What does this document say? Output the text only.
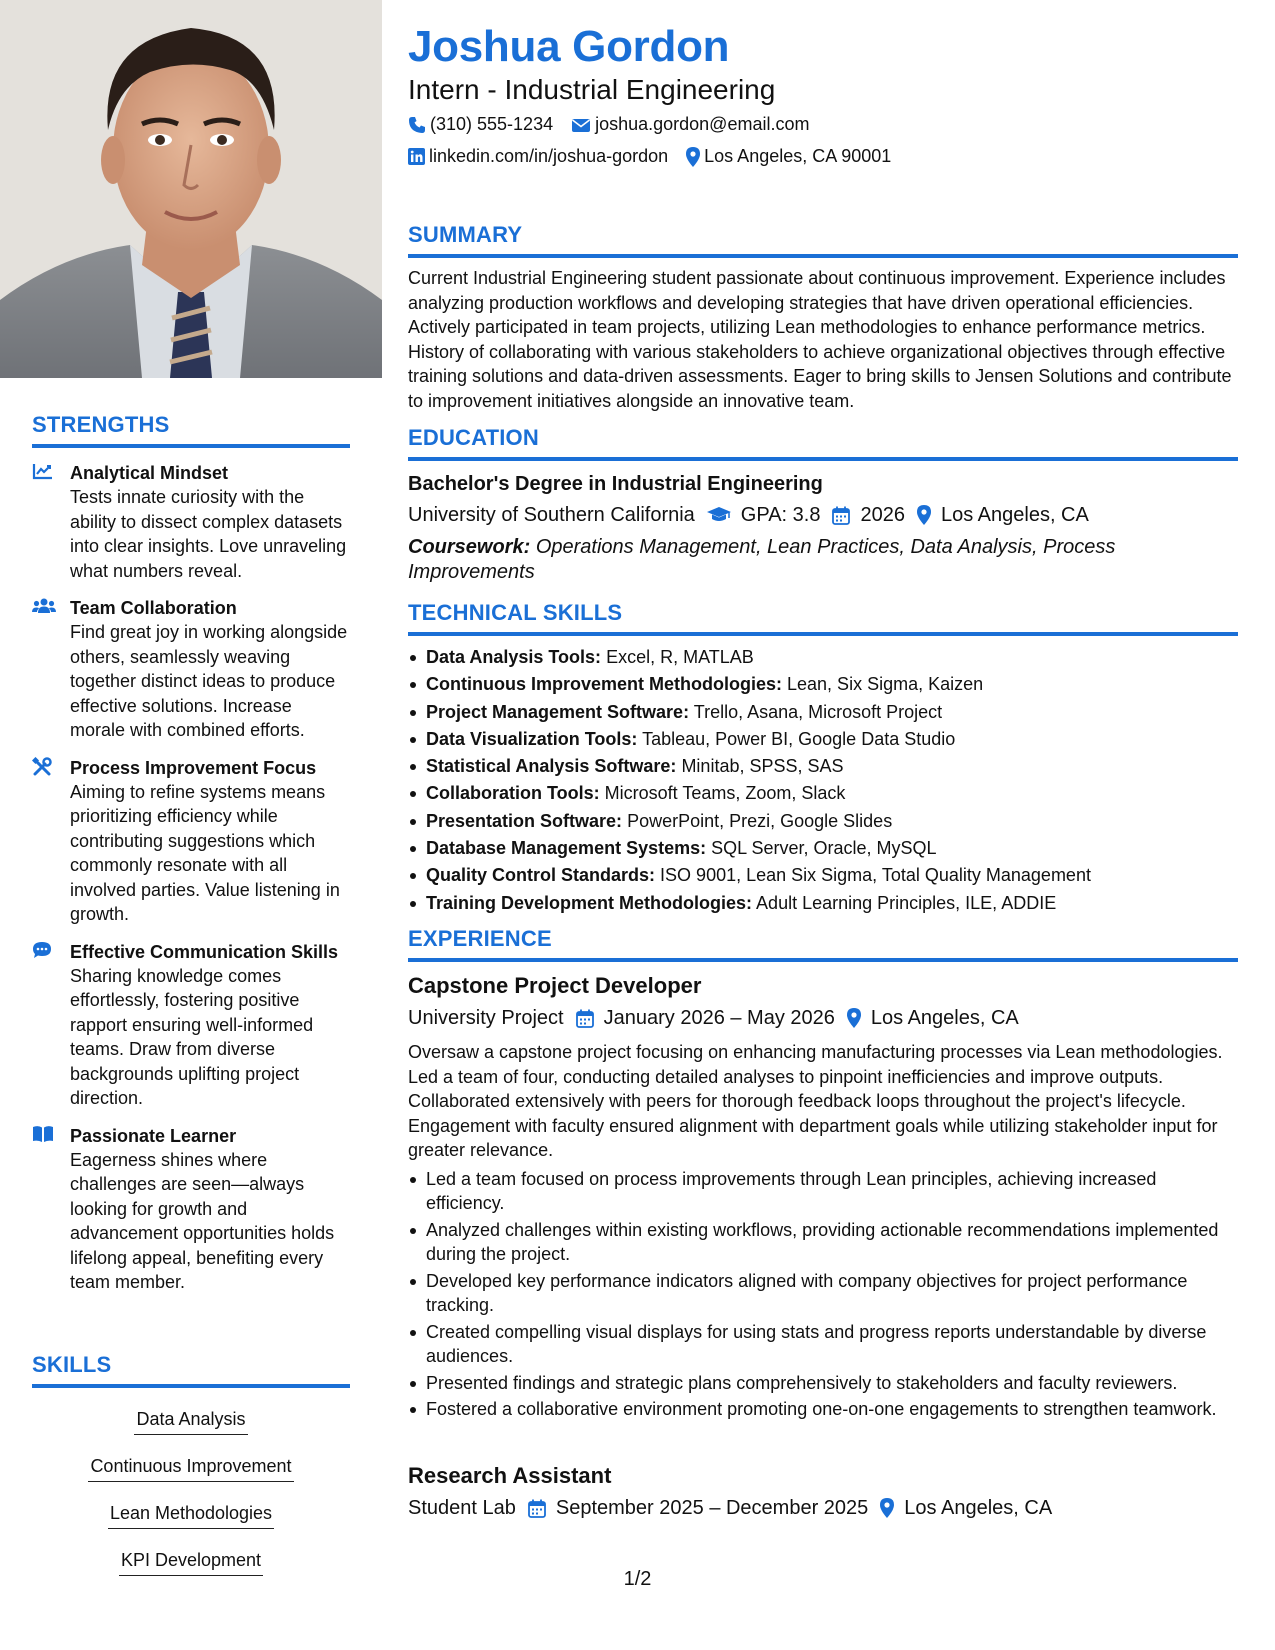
STRENGTHS
Analytical Mindset
Tests innate curiosity with the ability to dissect complex datasets into clear insights. Love unraveling what numbers reveal.
Team Collaboration
Find great joy in working alongside others, seamlessly weaving together distinct ideas to produce effective solutions. Increase morale with combined efforts.
Process Improvement Focus
Aiming to refine systems means prioritizing efficiency while contributing suggestions which commonly resonate with all involved parties. Value listening in growth.
Effective Communication Skills
Sharing knowledge comes effortlessly, fostering positive rapport ensuring well-informed teams. Draw from diverse backgrounds uplifting project direction.
Passionate Learner
Eagerness shines where challenges are seen—always looking for growth and advancement opportunities holds lifelong appeal, benefiting every team member.
SKILLS
Data Analysis
Continuous Improvement
Lean Methodologies
KPI Development
Joshua Gordon
Intern - Industrial Engineering
(310) 555-1234 joshua.gordon@email.com
linkedin.com/in/joshua-gordon Los Angeles, CA 90001
SUMMARY
Current Industrial Engineering student passionate about continuous improvement. Experience includes analyzing production workflows and developing strategies that have driven operational efficiencies. Actively participated in team projects, utilizing Lean methodologies to enhance performance metrics. History of collaborating with various stakeholders to achieve organizational objectives through effective training solutions and data-driven assessments. Eager to bring skills to Jensen Solutions and contribute to improvement initiatives alongside an innovative team.
EDUCATION
Bachelor's Degree in Industrial Engineering
University of Southern California GPA: 3.8 2026 Los Angeles, CA
Coursework: Operations Management, Lean Practices, Data Analysis, Process Improvements
TECHNICAL SKILLS
Data Analysis Tools: Excel, R, MATLAB
Continuous Improvement Methodologies: Lean, Six Sigma, Kaizen
Project Management Software: Trello, Asana, Microsoft Project
Data Visualization Tools: Tableau, Power BI, Google Data Studio
Statistical Analysis Software: Minitab, SPSS, SAS
Collaboration Tools: Microsoft Teams, Zoom, Slack
Presentation Software: PowerPoint, Prezi, Google Slides
Database Management Systems: SQL Server, Oracle, MySQL
Quality Control Standards: ISO 9001, Lean Six Sigma, Total Quality Management
Training Development Methodologies: Adult Learning Principles, ILE, ADDIE
EXPERIENCE
Capstone Project Developer
University Project January 2026 – May 2026 Los Angeles, CA
Oversaw a capstone project focusing on enhancing manufacturing processes via Lean methodologies. Led a team of four, conducting detailed analyses to pinpoint inefficiencies and improve outputs. Collaborated extensively with peers for thorough feedback loops throughout the project's lifecycle. Engagement with faculty ensured alignment with department goals while utilizing stakeholder input for greater relevance.
Led a team focused on process improvements through Lean principles, achieving increased efficiency.
Analyzed challenges within existing workflows, providing actionable recommendations implemented during the project.
Developed key performance indicators aligned with company objectives for project performance tracking.
Created compelling visual displays for using stats and progress reports understandable by diverse audiences.
Presented findings and strategic plans comprehensively to stakeholders and faculty reviewers.
Fostered a collaborative environment promoting one-on-one engagements to strengthen teamwork.
Research Assistant
Student Lab September 2025 – December 2025 Los Angeles, CA
1/2
